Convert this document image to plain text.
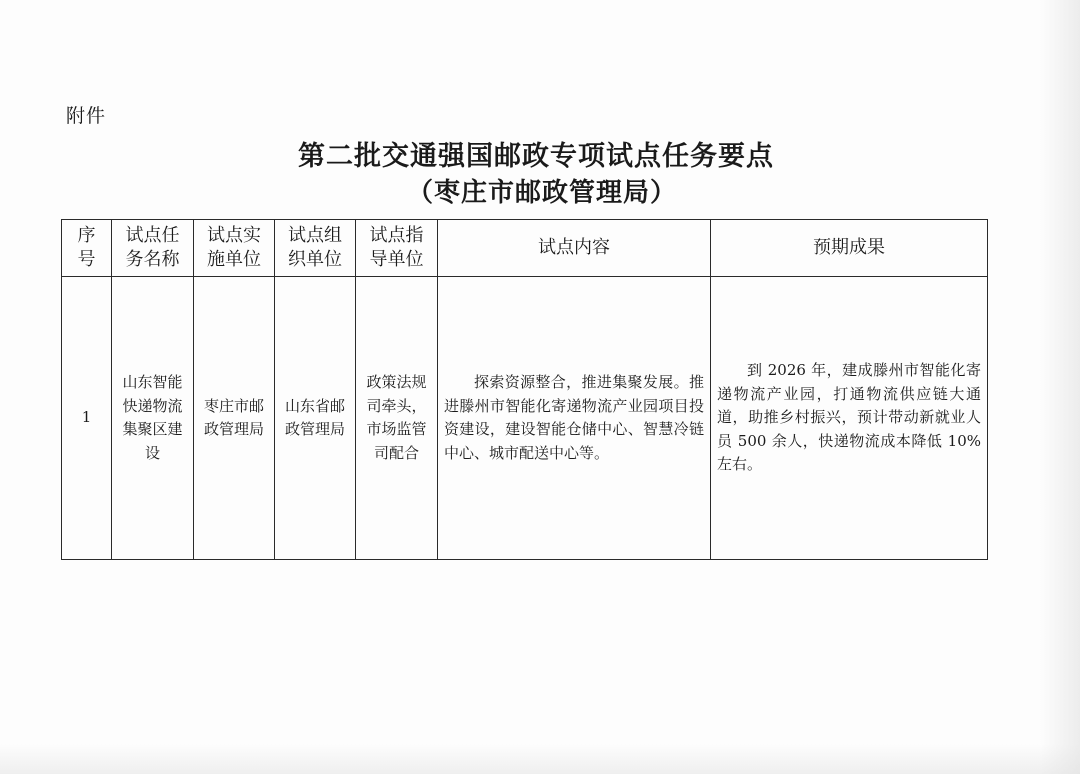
附件
第二批交通强国邮政专项试点任务要点
（枣庄市邮政管理局）
序号	试点任务名称	试点实施单位	试点组织单位	试点指导单位	试点内容	预期成果
1	山东智能快递物流集聚区建设	枣庄市邮政管理局	山东省邮政管理局	政策法规司牵头，市场监管司配合	探索资源整合，推进集聚发展。推进滕州市智能化寄递物流产业园项目投资建设，建设智能仓储中心、智慧冷链中心、城市配送中心等。	到 2026 年，建成滕州市智能化寄递物流产业园，打通物流供应链大通道，助推乡村振兴，预计带动新就业人员 500 余人，快递物流成本降低 10%左右。
